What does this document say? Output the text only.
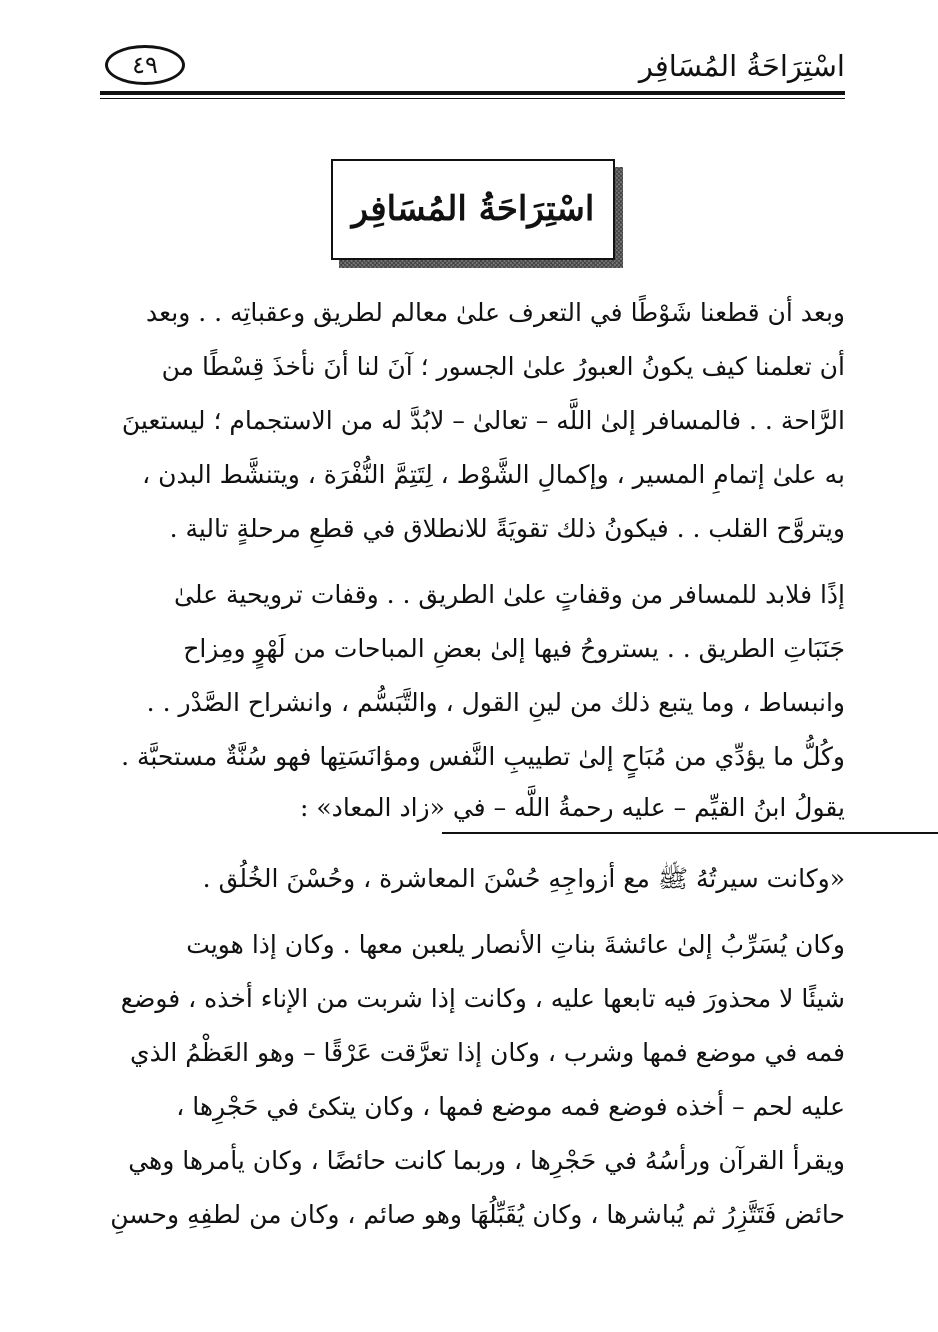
اسْتِرَاحَةُ المُسَافِر
٤٩
اسْتِرَاحَةُ المُسَافِر
وبعد أن قطعنا شَوْطًا في التعرف علىٰ معالم لطريق وعقباتِه . . وبعد
أن تعلمنا كيف يكونُ العبورُ علىٰ الجسور ؛ آنَ لنا أنَ نأخذَ قِسْطًا من
الرَّاحة . . فالمسافر إلىٰ اللَّه – تعالىٰ – لابُدَّ له من الاستجمام ؛ ليستعينَ
به علىٰ إتمامِ المسير ، وإكمالِ الشَّوْط ، لِتَتِمَّ النُّفْرَة ، ويتنشَّط البدن ،
ويتروَّح القلب . . فيكونُ ذلك تقويَةً للانطلاق في قطعِ مرحلةٍ تالية .
إذًا فلابد للمسافر من وقفاتٍ علىٰ الطريق . . وقفات ترويحية علىٰ
جَنَبَاتِ الطريق . . يستروحُ فيها إلىٰ بعضِ المباحات من لَهْوٍ ومِزاح
وانبساط ، وما يتبع ذلك من لينِ القول ، والتَّبَسُّم ، وانشراح الصَّدْر . .
وكُلُّ ما يؤدِّي من مُبَاحٍ إلىٰ تطييبِ النَّفس ومؤانَسَتِها فهو سُنَّةٌ مستحبَّة .
يقولُ ابنُ القيِّم – عليه رحمةُ اللَّه – في «زاد المعاد» :
«وكانت سيرتُهُ ﷺ مع أزواجِهِ حُسْنَ المعاشرة ، وحُسْنَ الخُلُق .
وكان يُسَرِّبُ إلىٰ عائشةَ بناتِ الأنصار يلعبن معها . وكان إذا هويت
شيئًا لا محذورَ فيه تابعها عليه ، وكانت إذا شربت من الإناء أخذه ، فوضع
فمه في موضع فمها وشرب ، وكان إذا تعرَّقت عَرْقًا – وهو العَظْمُ الذي
عليه لحم – أخذه فوضع فمه موضع فمها ، وكان يتكئ في حَجْرِها ،
ويقرأ القرآن ورأسُهُ في حَجْرِها ، وربما كانت حائضًا ، وكان يأمرها وهي
حائض فَتَتَّزِرُ ثم يُباشرها ، وكان يُقَبِّلُهَا وهو صائم ، وكان من لطفِهِ وحسنِ
